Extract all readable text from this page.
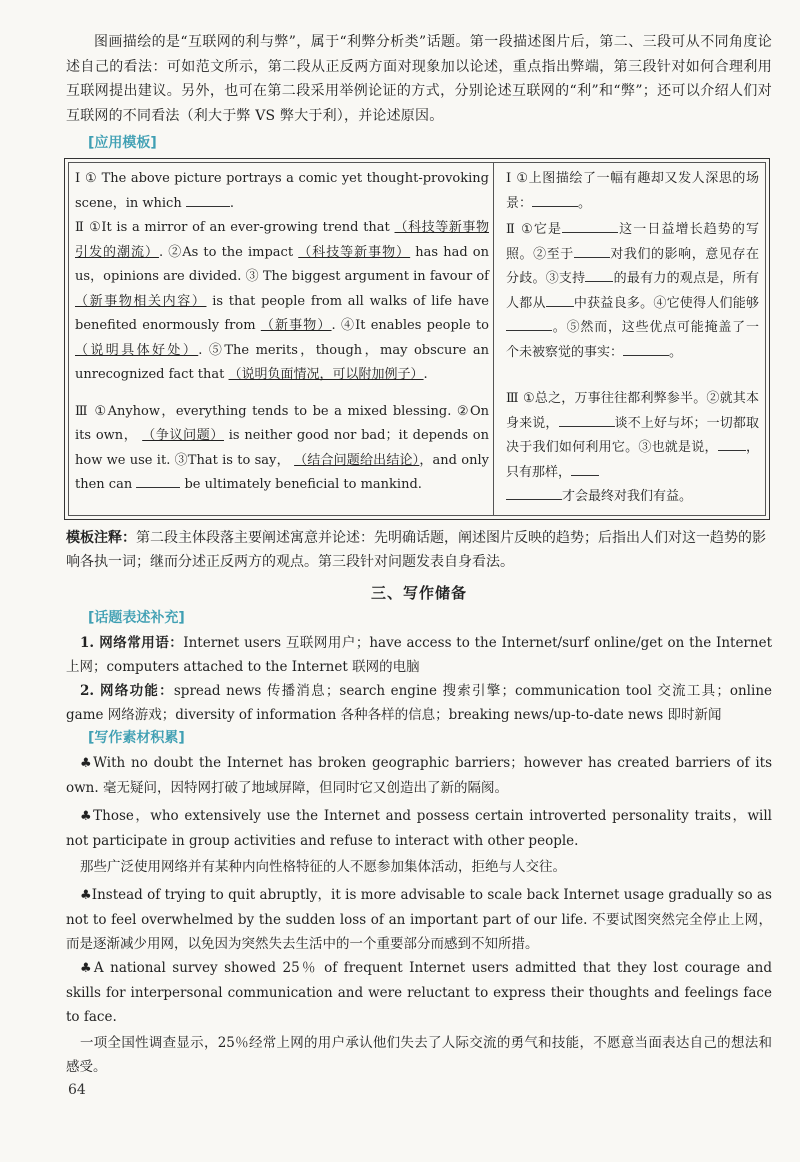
图画描绘的是“互联网的利与弊”，属于“利弊分析类”话题。第一段描述图片后，第二、三段可从不同角度论述自己的看法：可如范文所示，第二段从正反两方面对现象加以论述，重点指出弊端，第三段针对如何合理利用互联网提出建议。另外，也可在第二段采用举例论证的方式，分别论述互联网的“利”和“弊”；还可以介绍人们对互联网的不同看法（利大于弊 VS 弊大于利），并论述原因。

[应用模板]

Ⅰ ① The above picture portrays a comic yet thought-provoking scene，in which	.

Ⅱ ①It is a mirror of an ever-growing trend that （科技等新事物引发的潮流）. ②As to the impact （科技等新事物） has had on us，opinions are divided. ③ The biggest argument in favour of （新事物相关内容） is that people from all walks of life have benefited enormously from （新事物）. ④It enables people to （说明具体好处）. ⑤The merits，though，may obscure an unrecognized fact that （说明负面情况，可以附加例子）.

Ⅲ ①Anyhow，everything tends to be a mixed blessing. ②On its own， （争议问题） is neither good nor bad；it depends on how we use it. ③That is to say， （结合问题给出结论），and only then can	be ultimately beneficial to mankind.

Ⅰ ①上图描绘了一幅有趣却又发人深思的场景：	。

Ⅱ ①它是	这一日益增长趋势的写照。②至于	对我们的影响，意见存在分歧。③支持 的最有力的观点是，所有人都从 中获益良多。④它使得人们能够。⑤然而，这些优点可能掩盖了一个未被察觉的事实：	。

Ⅲ ①总之，万事往往都利弊参半。②就其本身来说，	谈不上好与坏；一切都取决于我们如何利用它。③也就是说， ，只有那样，
才会最终对我们有益。

模板注释：第二段主体段落主要阐述寓意并论述：先明确话题，阐述图片反映的趋势；后指出人们对这一趋势的影响各执一词；继而分述正反两方的观点。第三段针对问题发表自身看法。

三、写作储备
[话题表述补充]

1. 网络常用语：Internet users 互联网用户；have access to the Internet/surf online/get on the Internet 上网；computers attached to the Internet 联网的电脑

2. 网络功能：spread news 传播消息；search engine 搜索引擎；communication tool 交流工具；online game 网络游戏；diversity of information 各种各样的信息；breaking news/up-to-date news 即时新闻

[写作素材积累]

♣With no doubt the Internet has broken geographic barriers；however has created barriers of its own. 毫无疑问，因特网打破了地域屏障，但同时它又创造出了新的隔阂。

♣Those，who extensively use the Internet and possess certain introverted personality traits，will not participate in group activities and refuse to interact with other people.

那些广泛使用网络并有某种内向性格特征的人不愿参加集体活动，拒绝与人交往。

♣Instead of trying to quit abruptly，it is more advisable to scale back Internet usage gradually so as not to feel overwhelmed by the sudden loss of an important part of our life. 不要试图突然完全停止上网，而是逐渐减少用网，以免因为突然失去生活中的一个重要部分而感到不知所措。

♣A national survey showed 25％ of frequent Internet users admitted that they lost courage and skills for interpersonal communication and were reluctant to express their thoughts and feelings face to face.

一项全国性调查显示，25％经常上网的用户承认他们失去了人际交流的勇气和技能，不愿意当面表达自己的想法和感受。

64
